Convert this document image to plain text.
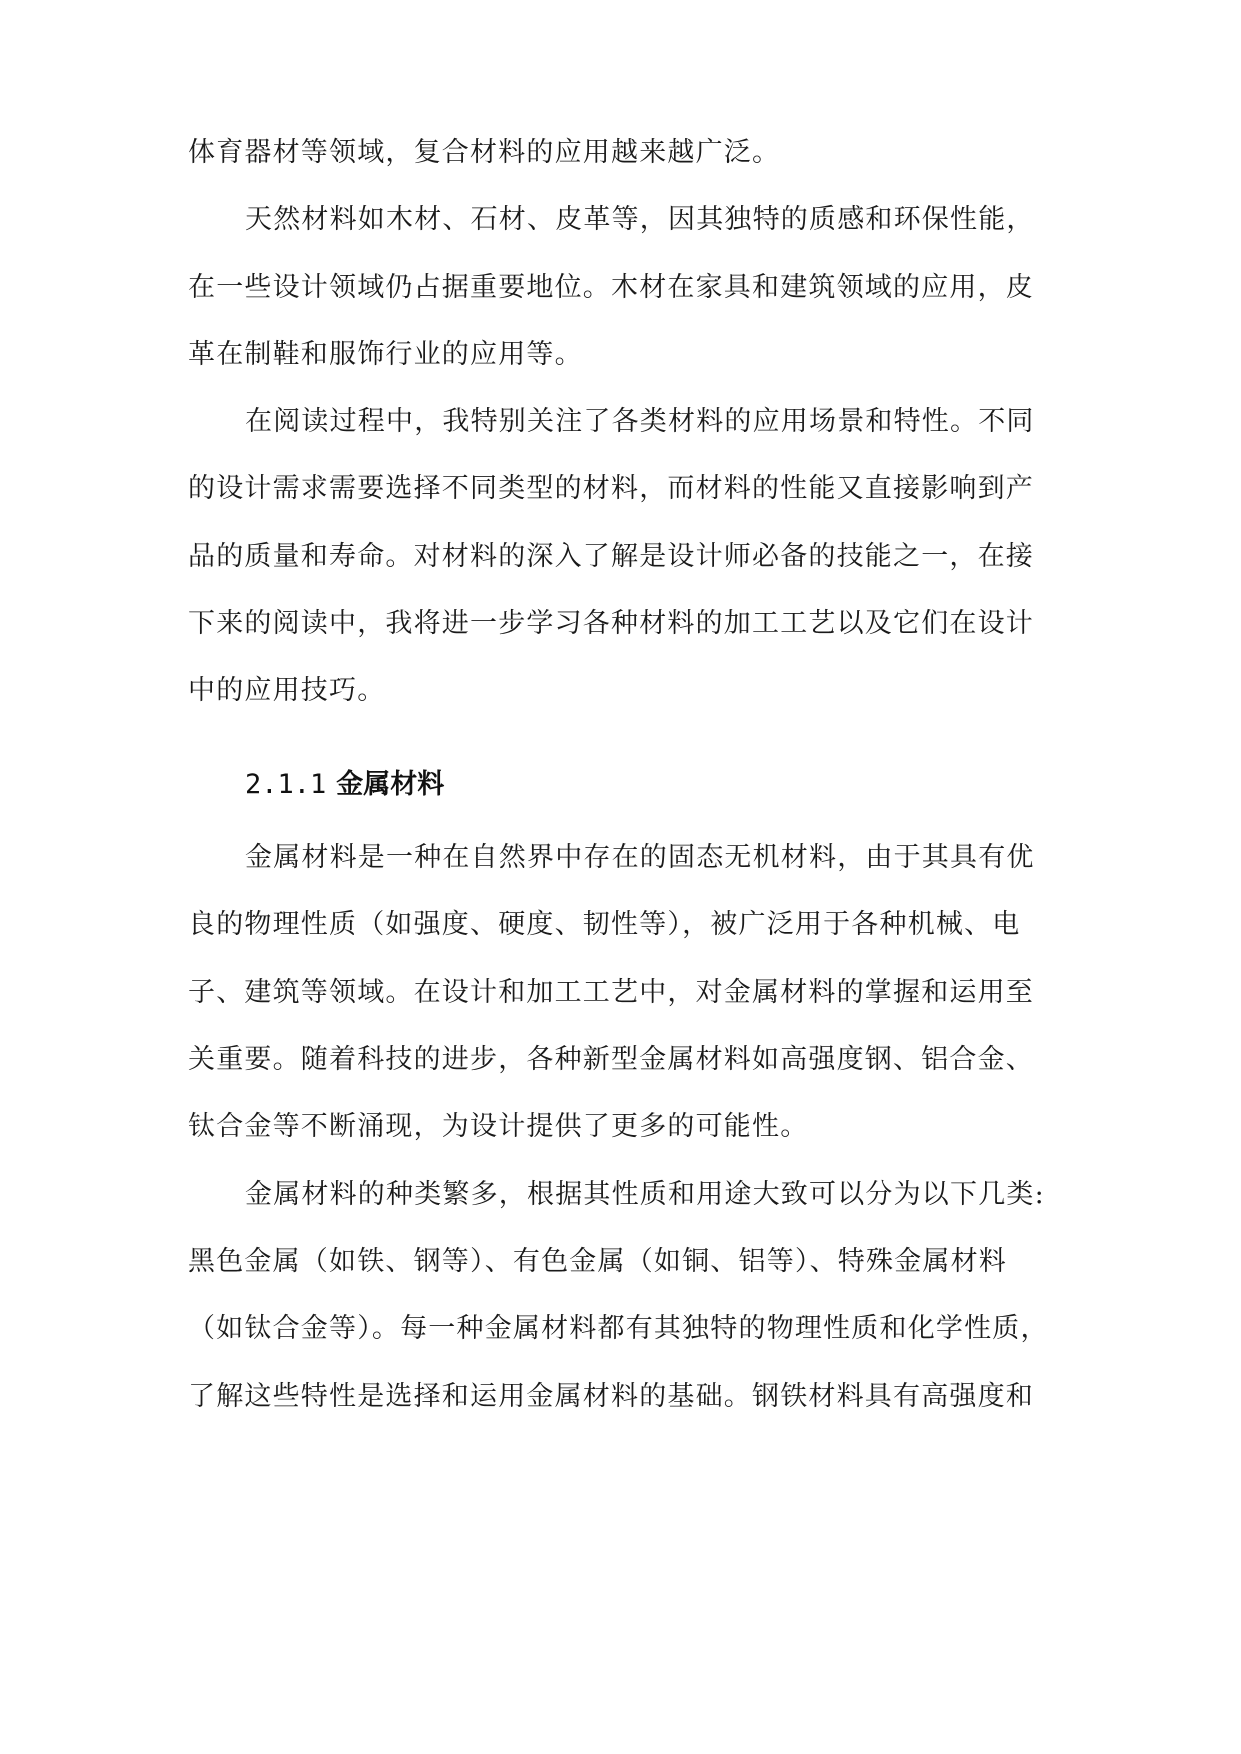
体育器材等领域，复合材料的应用越来越广泛。

天然材料如木材、石材、皮革等，因其独特的质感和环保性能，

在一些设计领域仍占据重要地位。木材在家具和建筑领域的应用，皮

革在制鞋和服饰行业的应用等。

在阅读过程中，我特别关注了各类材料的应用场景和特性。不同

的设计需求需要选择不同类型的材料，而材料的性能又直接影响到产

品的质量和寿命。对材料的深入了解是设计师必备的技能之一，在接

下来的阅读中，我将进一步学习各种材料的加工工艺以及它们在设计

中的应用技巧。

2.1.1 金属材料

金属材料是一种在自然界中存在的固态无机材料，由于其具有优

良的物理性质（如强度、硬度、韧性等），被广泛用于各种机械、电

子、建筑等领域。在设计和加工工艺中，对金属材料的掌握和运用至

关重要。随着科技的进步，各种新型金属材料如高强度钢、铝合金、

钛合金等不断涌现，为设计提供了更多的可能性。

金属材料的种类繁多，根据其性质和用途大致可以分为以下几类:

黑色金属（如铁、钢等）、有色金属（如铜、铝等）、特殊金属材料

（如钛合金等）。每一种金属材料都有其独特的物理性质和化学性质，

了解这些特性是选择和运用金属材料的基础。钢铁材料具有高强度和
